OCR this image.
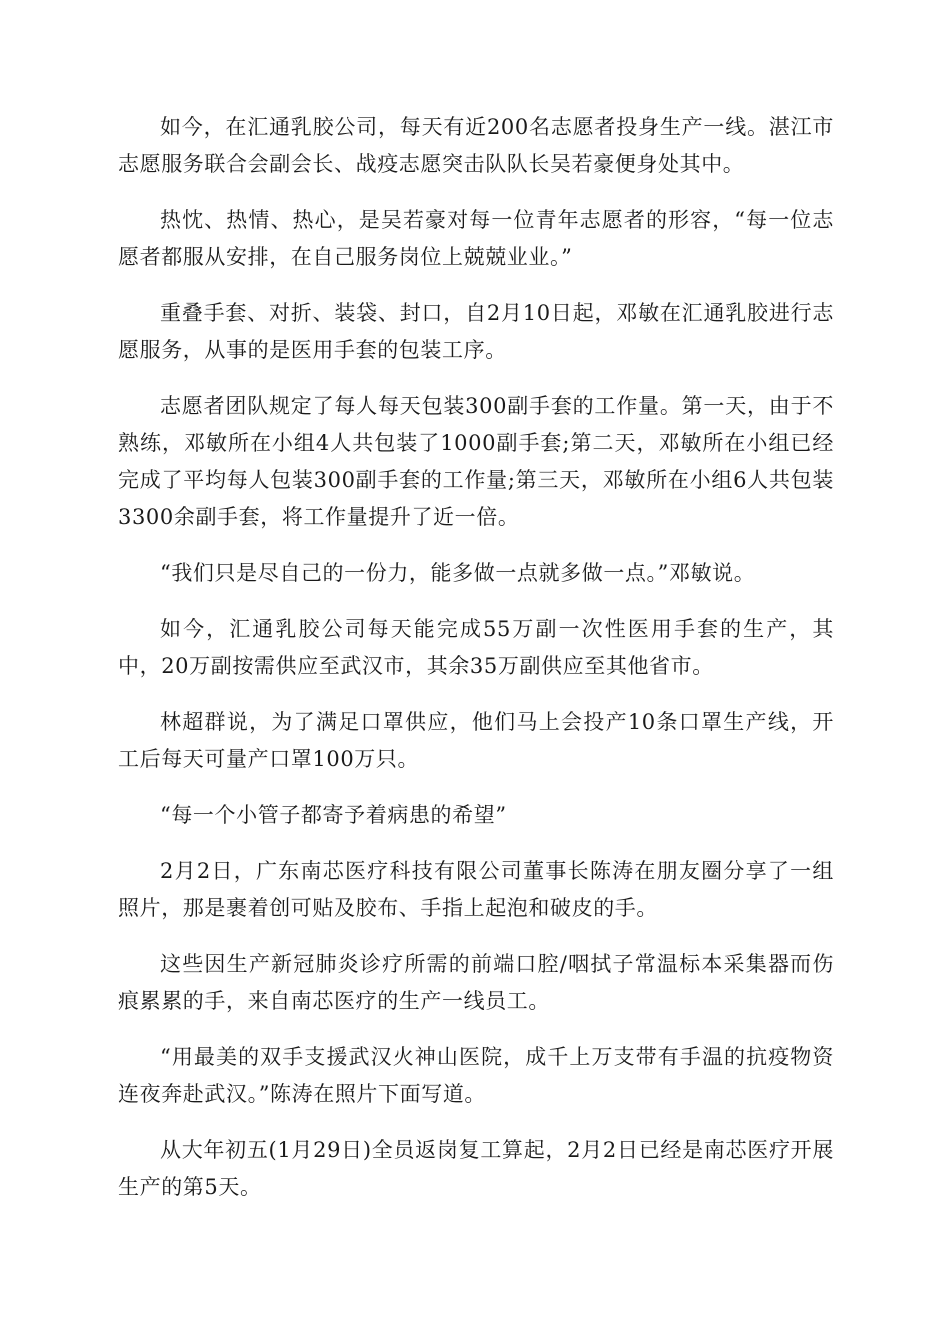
如今，在汇通乳胶公司，每天有近200名志愿者投身生产一线。湛江市志愿服务联合会副会长、战疫志愿突击队队长吴若豪便身处其中。

热忱、热情、热心，是吴若豪对每一位青年志愿者的形容，“每一位志愿者都服从安排，在自己服务岗位上兢兢业业。”

重叠手套、对折、装袋、封口，自2月10日起，邓敏在汇通乳胶进行志愿服务，从事的是医用手套的包装工序。

志愿者团队规定了每人每天包装300副手套的工作量。第一天，由于不熟练，邓敏所在小组4人共包装了1000副手套;第二天，邓敏所在小组已经完成了平均每人包装300副手套的工作量;第三天，邓敏所在小组6人共包装3300余副手套，将工作量提升了近一倍。

“我们只是尽自己的一份力，能多做一点就多做一点。”邓敏说。

如今，汇通乳胶公司每天能完成55万副一次性医用手套的生产，其中，20万副按需供应至武汉市，其余35万副供应至其他省市。

林超群说，为了满足口罩供应，他们马上会投产10条口罩生产线，开工后每天可量产口罩100万只。

“每一个小管子都寄予着病患的希望”

2月2日，广东南芯医疗科技有限公司董事长陈涛在朋友圈分享了一组照片，那是裹着创可贴及胶布、手指上起泡和破皮的手。

这些因生产新冠肺炎诊疗所需的前端口腔/咽拭子常温标本采集器而伤痕累累的手，来自南芯医疗的生产一线员工。

“用最美的双手支援武汉火神山医院，成千上万支带有手温的抗疫物资连夜奔赴武汉。”陈涛在照片下面写道。

从大年初五(1月29日)全员返岗复工算起，2月2日已经是南芯医疗开展生产的第5天。
